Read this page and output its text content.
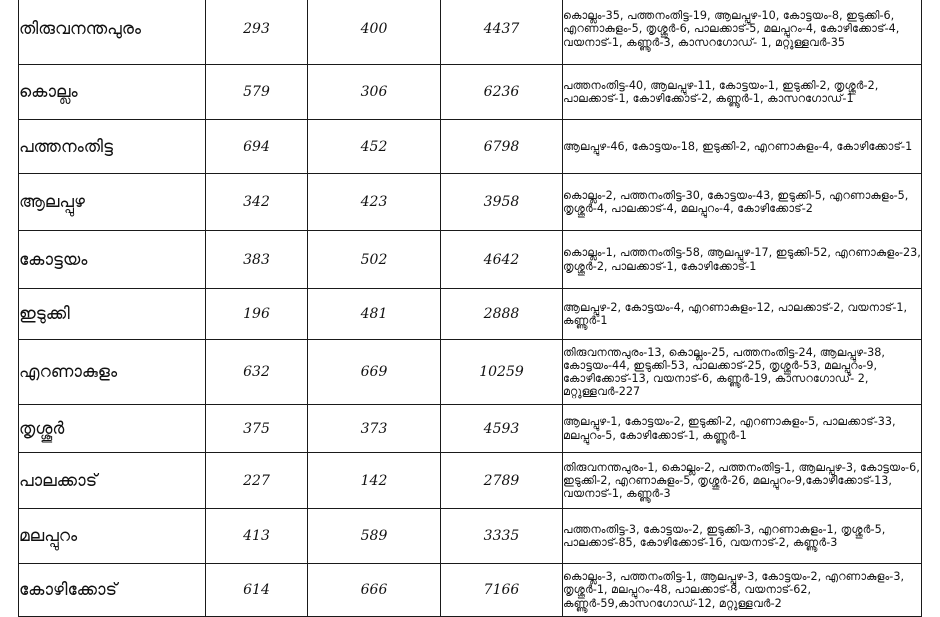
തിരുവനന്തപുരം	293	400	4437	കൊല്ലം-35, പത്തനംതിട്ട-19, ആലപ്പുഴ-10, കോട്ടയം-8, ഇടുക്കി-6, എറണാകുളം-5, തൃശ്ശൂർ-6, പാലക്കാട്-5, മലപ്പുറം-4, കോഴിക്കോട്-4, വയനാട്-1, കണ്ണൂർ-3, കാസറഗോഡ്- 1, മറ്റുള്ളവർ-35
കൊല്ലം	579	306	6236	പത്തനംതിട്ട-40, ആലപ്പുഴ-11, കോട്ടയം-1, ഇടുക്കി-2, തൃശ്ശൂർ-2, പാലക്കാട്-1, കോഴിക്കോട്-2, കണ്ണൂർ-1, കാസറഗോഡ്-1
പത്തനംതിട്ട	694	452	6798	ആലപ്പുഴ-46, കോട്ടയം-18, ഇടുക്കി-2, എറണാകുളം-4, കോഴിക്കോട്-1
ആലപ്പുഴ	342	423	3958	കൊല്ലം-2, പത്തനംതിട്ട-30, കോട്ടയം-43, ഇടുക്കി-5, എറണാകുളം-5, തൃശ്ശൂർ-4, പാലക്കാട്-4, മലപ്പുറം-4, കോഴിക്കോട്-2
കോട്ടയം	383	502	4642	കൊല്ലം-1, പത്തനംതിട്ട-58, ആലപ്പുഴ-17, ഇടുക്കി-52, എറണാകുളം-23, തൃശ്ശൂർ-2, പാലക്കാട്-1, കോഴിക്കോട്-1
ഇടുക്കി	196	481	2888	ആലപ്പുഴ-2, കോട്ടയം-4, എറണാകുളം-12, പാലക്കാട്-2, വയനാട്-1, കണ്ണൂർ-1
എറണാകുളം	632	669	10259	തിരുവനന്തപുരം-13, കൊല്ലം-25, പത്തനംതിട്ട-24, ആലപ്പുഴ-38, കോട്ടയം-44, ഇടുക്കി-53, പാലക്കാട്-25, തൃശ്ശൂർ-53, മലപ്പുറം-9, കോഴിക്കോട്-13, വയനാട്-6, കണ്ണൂർ-19, കാസറഗോഡ്- 2, മറ്റുള്ളവർ-227
തൃശ്ശൂർ	375	373	4593	ആലപ്പുഴ-1, കോട്ടയം-2, ഇടുക്കി-2, എറണാകുളം-5, പാലക്കാട്-33, മലപ്പുറം-5, കോഴിക്കോട്-1, കണ്ണൂർ-1
പാലക്കാട്	227	142	2789	തിരുവനന്തപുരം-1, കൊല്ലം-2, പത്തനംതിട്ട-1, ആലപ്പുഴ-3, കോട്ടയം-6, ഇടുക്കി-2, എറണാകുളം-5, തൃശ്ശൂർ-26, മലപ്പുറം-9,കോഴിക്കോട്-13, വയനാട്-1, കണ്ണൂർ-3
മലപ്പുറം	413	589	3335	പത്തനംതിട്ട-3, കോട്ടയം-2, ഇടുക്കി-3, എറണാകുളം-1, തൃശ്ശൂർ-5, പാലക്കാട്-85, കോഴിക്കോട്-16, വയനാട്-2, കണ്ണൂർ-3
കോഴിക്കോട്	614	666	7166	കൊല്ലം-3, പത്തനംതിട്ട-1, ആലപ്പുഴ-3, കോട്ടയം-2, എറണാകുളം-3, തൃശ്ശൂർ-1, മലപ്പുറം-48, പാലക്കാട്-8, വയനാട്-62, കണ്ണൂർ-59,കാസറഗോഡ്-12, മറ്റുള്ളവർ-2
